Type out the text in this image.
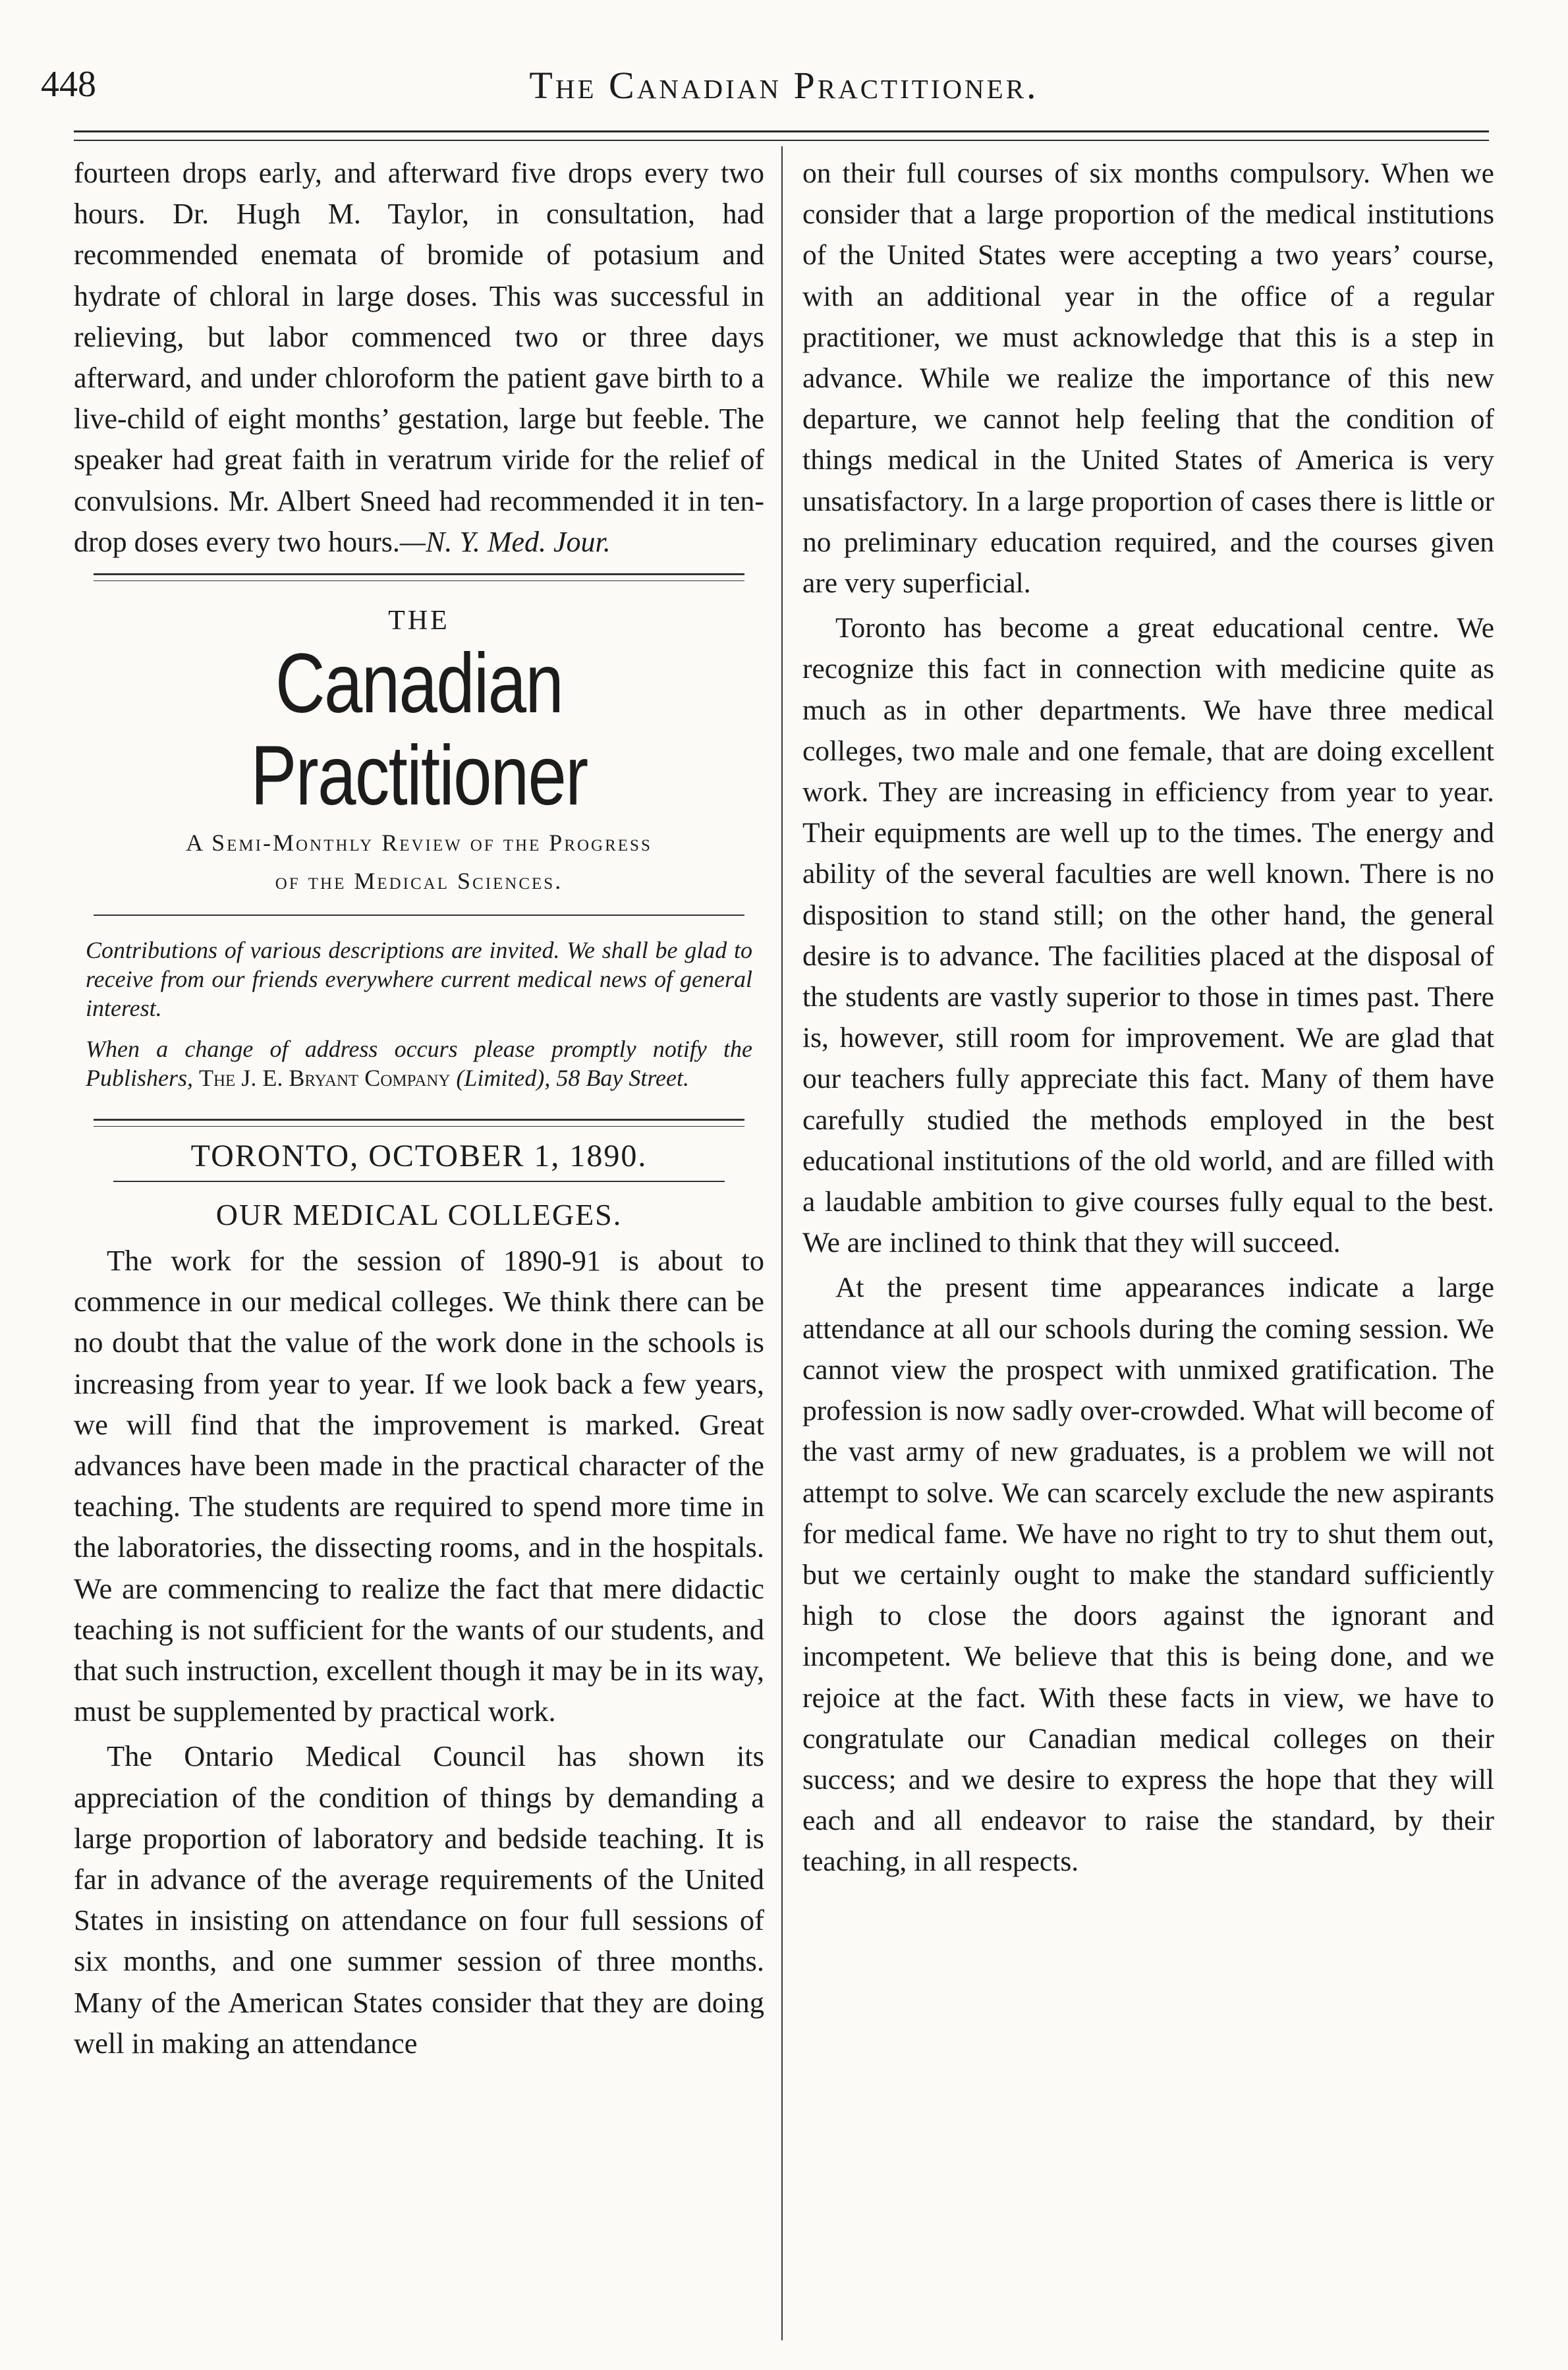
448	The Canadian Practitioner.

fourteen drops early, and afterward five drops every two hours. Dr. Hugh M. Taylor, in consultation, had recommended enemata of bromide of potasium and hydrate of chloral in large doses. This was successful in relieving, but labor commenced two or three days afterward, and under chloroform the patient gave birth to a live-child of eight months’ gestation, large but feeble. The speaker had great faith in veratrum viride for the relief of convulsions. Mr. Albert Sneed had recommended it in ten-drop doses every two hours.—N. Y. Med. Jour.

THE
Canadian Practitioner
A Semi-Monthly Review of the Progress
of the Medical Sciences.

Contributions of various descriptions are invited. We shall be glad to receive from our friends everywhere current medical news of general interest.

When a change of address occurs please promptly notify the Publishers, The J. E. Bryant Company (Limited), 58 Bay Street.

TORONTO, OCTOBER 1, 1890.
OUR MEDICAL COLLEGES.

The work for the session of 1890-91 is about to commence in our medical colleges. We think there can be no doubt that the value of the work done in the schools is increasing from year to year. If we look back a few years, we will find that the improvement is marked. Great advances have been made in the practical character of the teaching. The students are required to spend more time in the laboratories, the dissecting rooms, and in the hospitals. We are commencing to realize the fact that mere didactic teaching is not sufficient for the wants of our students, and that such instruction, excellent though it may be in its way, must be supplemented by practical work.

The Ontario Medical Council has shown its appreciation of the condition of things by demanding a large proportion of laboratory and bedside teaching. It is far in advance of the average requirements of the United States in insisting on attendance on four full sessions of six months, and one summer session of three months. Many of the American States consider that they are doing well in making an attendance

on their full courses of six months compulsory. When we consider that a large proportion of the medical institutions of the United States were accepting a two years’ course, with an additional year in the office of a regular practitioner, we must acknowledge that this is a step in advance. While we realize the importance of this new departure, we cannot help feeling that the condition of things medical in the United States of America is very unsatisfactory. In a large proportion of cases there is little or no preliminary education required, and the courses given are very superficial.

Toronto has become a great educational centre. We recognize this fact in connection with medicine quite as much as in other departments. We have three medical colleges, two male and one female, that are doing excellent work. They are increasing in efficiency from year to year. Their equipments are well up to the times. The energy and ability of the several faculties are well known. There is no disposition to stand still; on the other hand, the general desire is to advance. The facilities placed at the disposal of the students are vastly superior to those in times past. There is, however, still room for improvement. We are glad that our teachers fully appreciate this fact. Many of them have carefully studied the methods employed in the best educational institutions of the old world, and are filled with a laudable ambition to give courses fully equal to the best. We are inclined to think that they will succeed.

At the present time appearances indicate a large attendance at all our schools during the coming session. We cannot view the prospect with unmixed gratification. The profession is now sadly over-crowded. What will become of the vast army of new graduates, is a problem we will not attempt to solve. We can scarcely exclude the new aspirants for medical fame. We have no right to try to shut them out, but we certainly ought to make the standard sufficiently high to close the doors against the ignorant and incompetent. We believe that this is being done, and we rejoice at the fact. With these facts in view, we have to congratulate our Canadian medical colleges on their success; and we desire to express the hope that they will each and all endeavor to raise the standard, by their teaching, in all respects.
